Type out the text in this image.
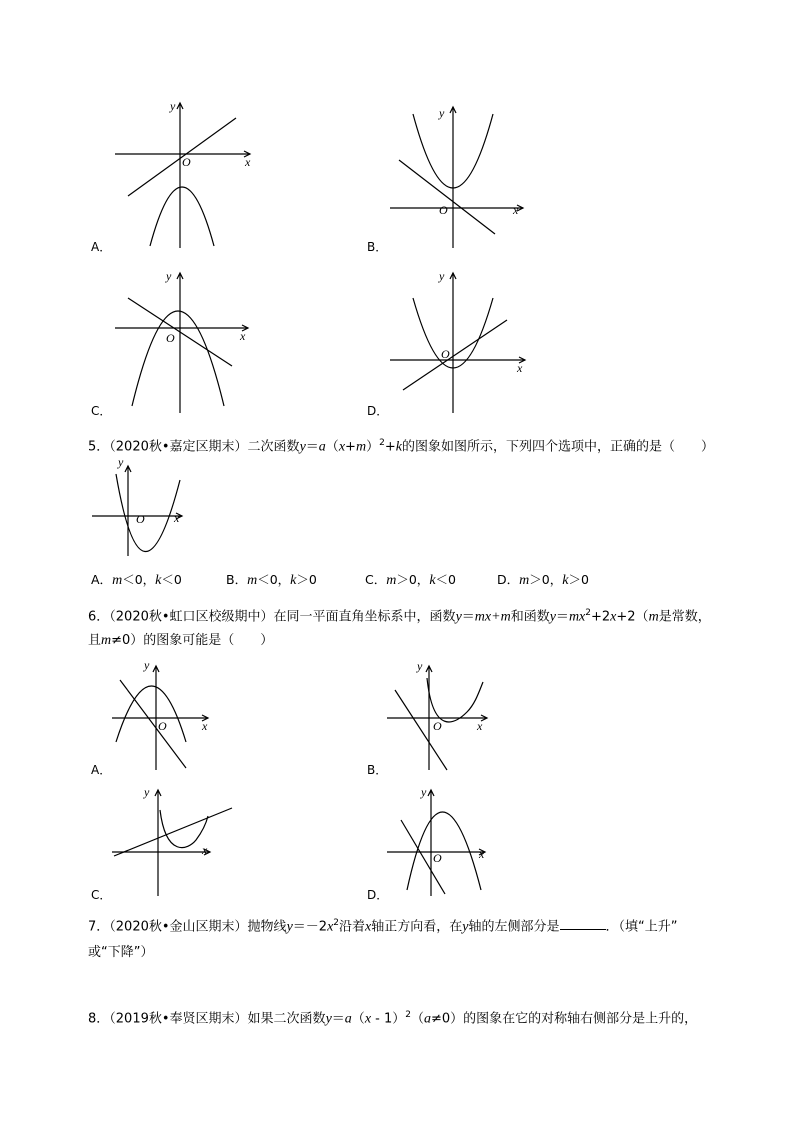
x
y
O
A．
x
y
O
B．
x
y
O
C．
x
y
O
D．
5．（2020秋•嘉定区期末）二次函数$y=a(x+m)^2+k$的图象如图所示，下列四个选项中，正确的是（　　）
x
y
O
A．m＜0，k＜0	B．m＜0，k＞0	C．m＞0，k＜0	D．m＞0，k＞0
6．（2020秋•虹口区校级期中）在同一平面直角坐标系中，函数y＝mx+m和函数$y=mx^2+2x+2(m$是常数，
且m≠0）的图象可能是（　　）
x
y
O
A．
x
y
O
B．
x
y
C．
x
y
O
D．
7．（2020秋•金山区期末）抛物线$y=-2x^2$沿着x轴正方向看，在y轴的左侧部分是	．（填“上升”
或“下降”）
8．（2019秋•奉贤区期末）如果二次函数y＝a（x - 1）$^2$（a≠0）的图象在它的对称轴右侧部分是上升的，
